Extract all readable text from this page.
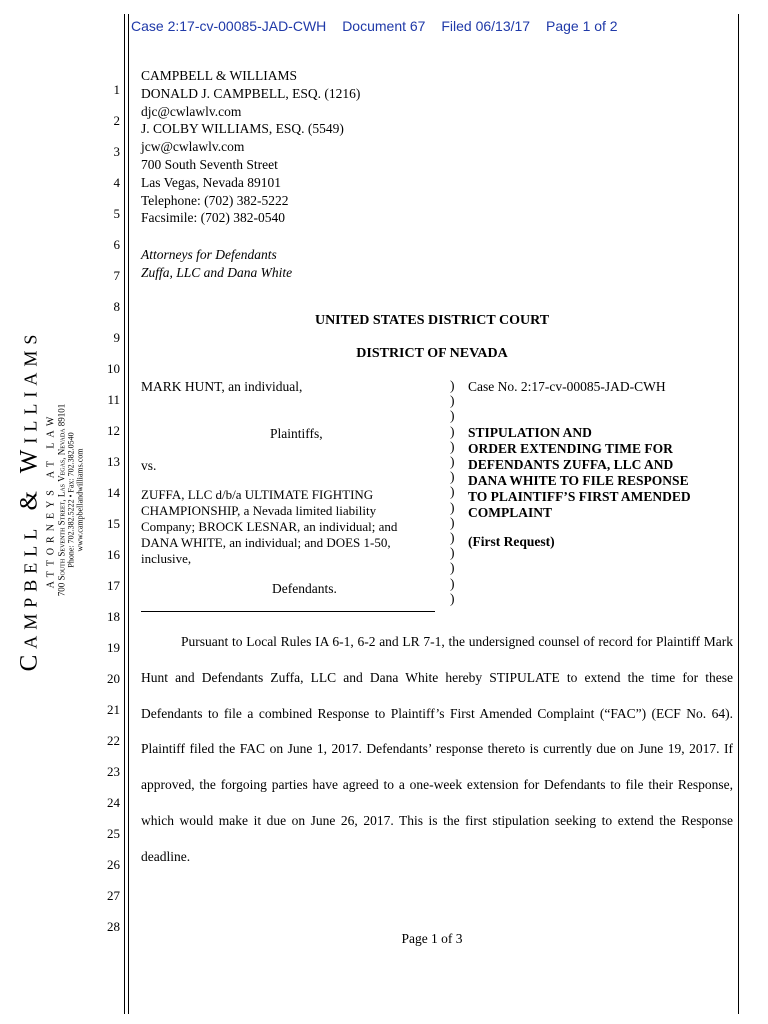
Case 2:17-cv-00085-JAD-CWH Document 67 Filed 06/13/17 Page 1 of 2
Campbell & Williams ATTORNEYS AT LAW 700 South Seventh Street, Las Vegas, Nevada 89101 Phone: 702.382.5222 • Fax: 702.382.0540 www.campbellandwilliams.com
1
2
3
4
5
6
7
8
9
10
11
12
13
14
15
16
17
18
19
20
21
22
23
24
25
26
27
28
CAMPBELL & WILLIAMS
DONALD J. CAMPBELL, ESQ. (1216)
djc@cwlawlv.com
J. COLBY WILLIAMS, ESQ. (5549)
jcw@cwlawlv.com
700 South Seventh Street
Las Vegas, Nevada 89101
Telephone: (702) 382-5222
Facsimile: (702) 382-0540
Attorneys for Defendants
Zuffa, LLC and Dana White
UNITED STATES DISTRICT COURT
DISTRICT OF NEVADA
MARK HUNT, an individual,
Plaintiffs,
vs.
ZUFFA, LLC d/b/a ULTIMATE FIGHTING CHAMPIONSHIP, a Nevada limited liability Company; BROCK LESNAR, an individual; and DANA WHITE, an individual; and DOES 1-50, inclusive,
Defendants.
)
)
)
)
)
)
)
)
)
)
)
)
)
)
)
Case No. 2:17-cv-00085-JAD-CWH
STIPULATION AND
ORDER EXTENDING TIME FOR
DEFENDANTS ZUFFA, LLC AND
DANA WHITE TO FILE RESPONSE
TO PLAINTIFF’S FIRST AMENDED
COMPLAINT
(First Request)
Pursuant to Local Rules IA 6-1, 6-2 and LR 7-1, the undersigned counsel of record for Plaintiff Mark Hunt and Defendants Zuffa, LLC and Dana White hereby STIPULATE to extend the time for these Defendants to file a combined Response to Plaintiff’s First Amended Complaint (“FAC”) (ECF No. 64). Plaintiff filed the FAC on June 1, 2017. Defendants’ response thereto is currently due on June 19, 2017. If approved, the forgoing parties have agreed to a one-week extension for Defendants to file their Response, which would make it due on June 26, 2017. This is the first stipulation seeking to extend the Response deadline.
Page 1 of 3
